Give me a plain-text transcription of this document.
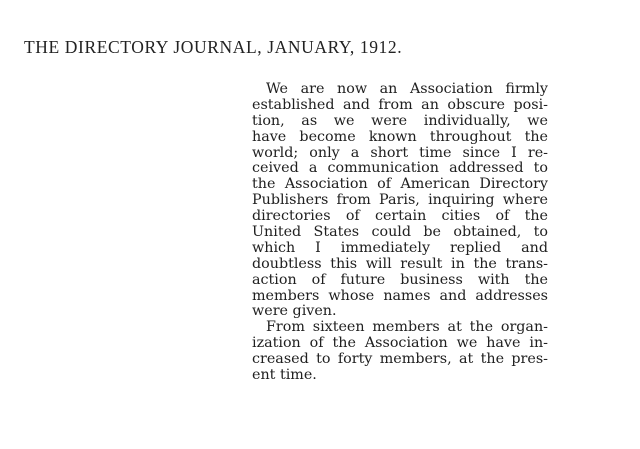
THE DIRECTORY JOURNAL, JANUARY, 1912.
We are now an Association firmly
established and from an obscure posi-
tion, as we were individually, we
have become known throughout the
world; only a short time since I re-
ceived a communication addressed to
the Association of American Directory
Publishers from Paris, inquiring where
directories of certain cities of the
United States could be obtained, to
which I immediately replied and
doubtless this will result in the trans-
action of future business with the
members whose names and addresses
were given.
From sixteen members at the organ-
ization of the Association we have in-
creased to forty members, at the pres-
ent time.
